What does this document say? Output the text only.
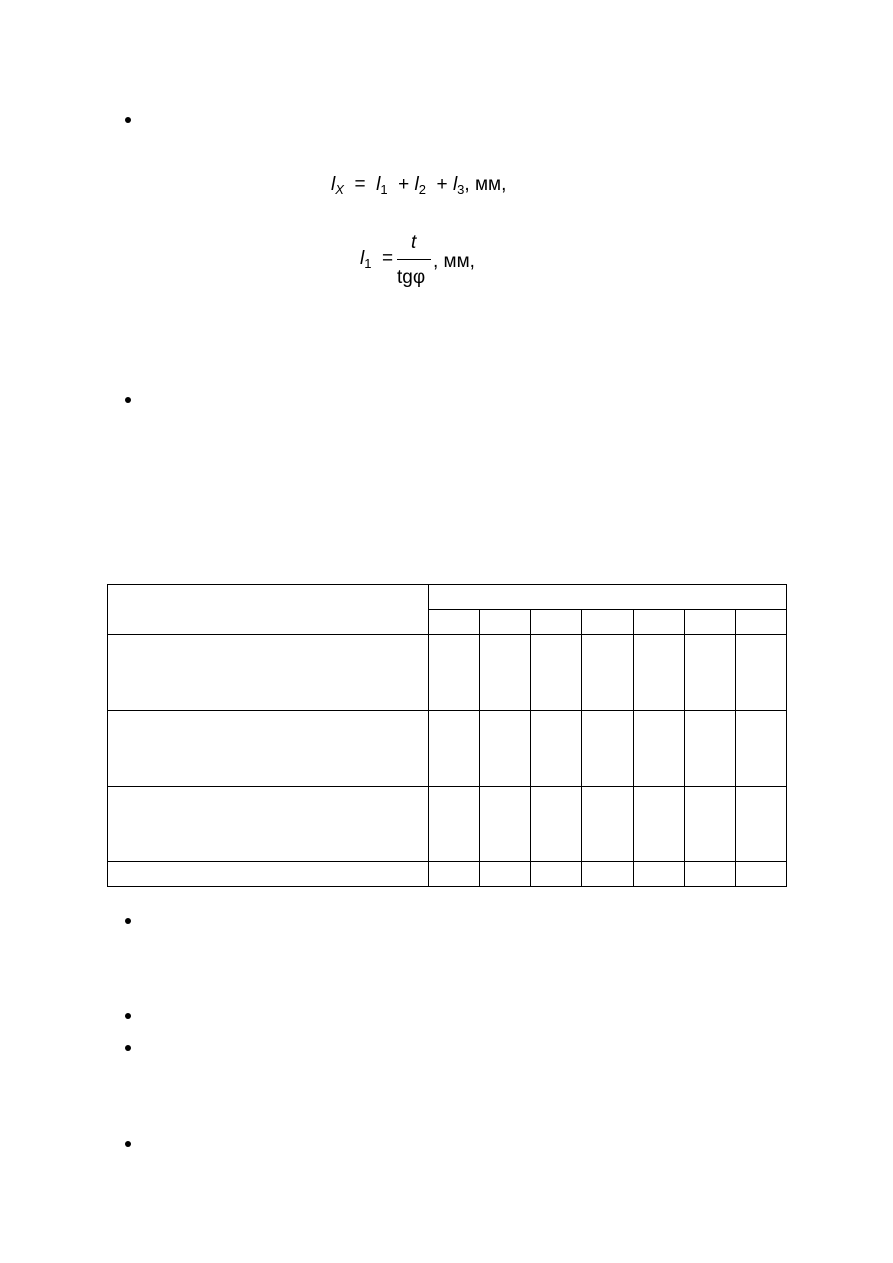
$l_X = l_1 + l_2 + l_3$, мм,
$l_1$ =
t
tgφ
, мм,
